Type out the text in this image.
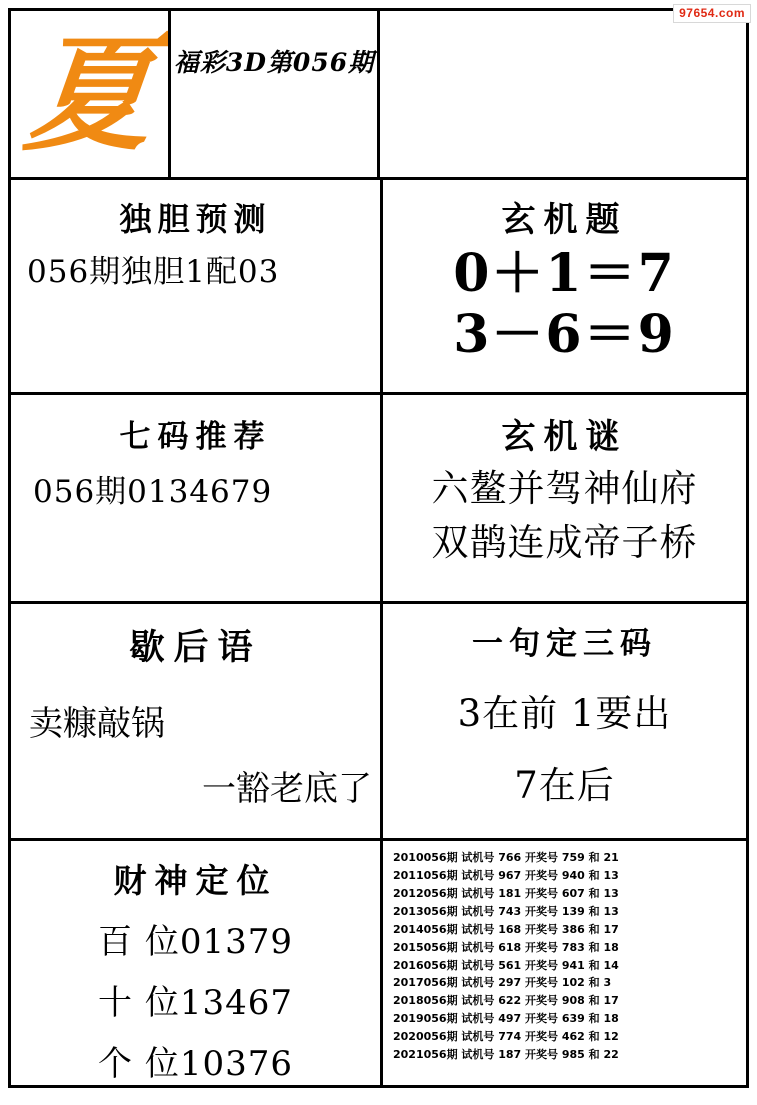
97654.com
夏 福彩3D第056期
独胆预测
056期独胆1配03
玄机题
0＋1＝7
3－6＝9
七码推荐
056期0134679
玄机谜
六鳌并驾神仙府
双鹊连成帝子桥
歇后语
卖糠敲锅
一豁老底了
一句定三码
3在前 1要出
7在后
财神定位
百 位01379
十 位13467
个 位10376
2010056期 试机号 766 开奖号 759 和 21
2011056期 试机号 967 开奖号 940 和 13
2012056期 试机号 181 开奖号 607 和 13
2013056期 试机号 743 开奖号 139 和 13
2014056期 试机号 168 开奖号 386 和 17
2015056期 试机号 618 开奖号 783 和 18
2016056期 试机号 561 开奖号 941 和 14
2017056期 试机号 297 开奖号 102 和 3
2018056期 试机号 622 开奖号 908 和 17
2019056期 试机号 497 开奖号 639 和 18
2020056期 试机号 774 开奖号 462 和 12
2021056期 试机号 187 开奖号 985 和 22
